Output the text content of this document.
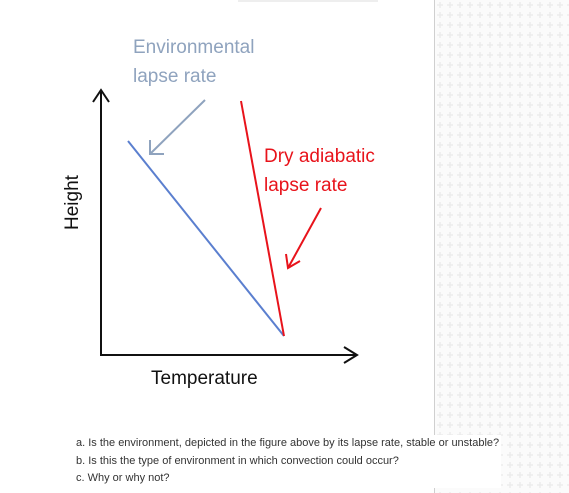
Environmental
lapse rate
Dry adiabatic
lapse rate
Temperature
Height
a. Is the environment, depicted in the figure above by its lapse rate, stable or unstable?
b. Is this the type of environment in which convection could occur?
c. Why or why not?
